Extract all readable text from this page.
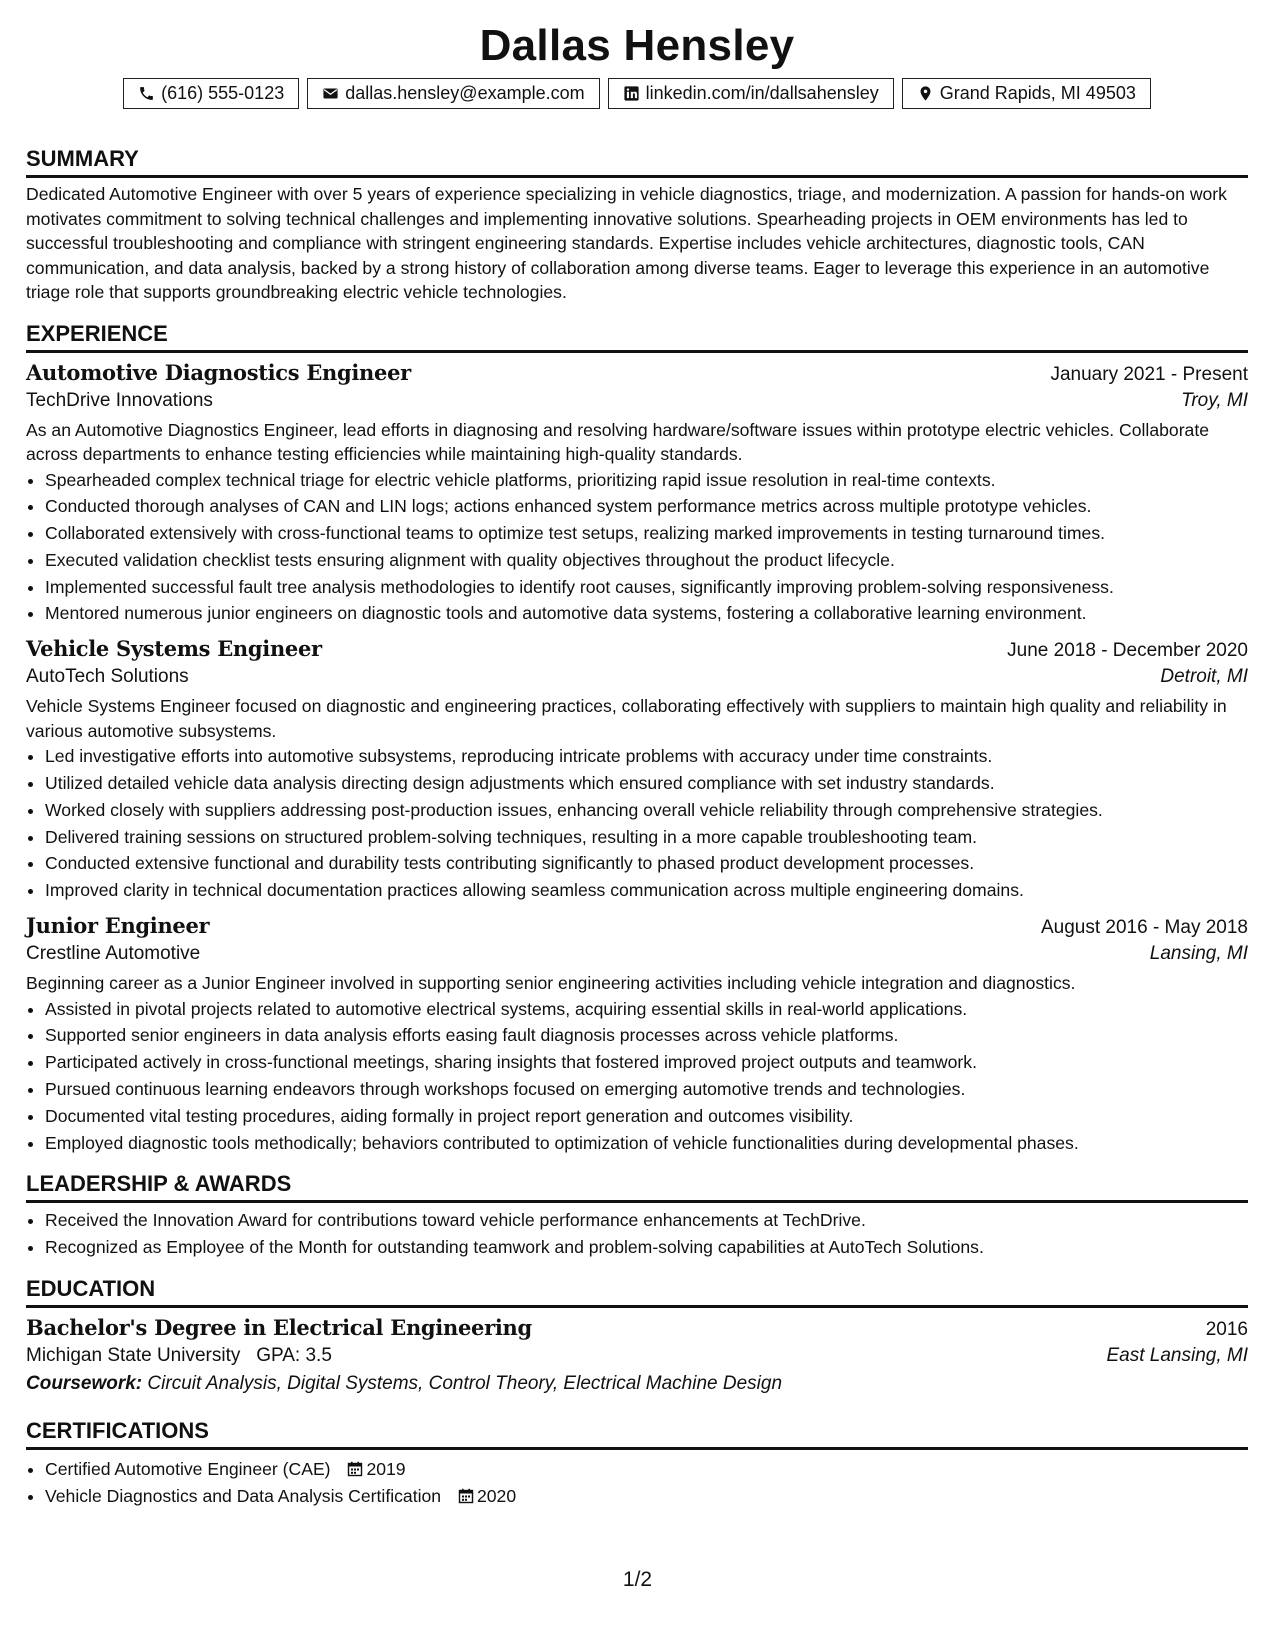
Dallas Hensley
(616) 555-0123	dallas.hensley@example.com	linkedin.com/in/dallsahensley	Grand Rapids, MI 49503
SUMMARY

Dedicated Automotive Engineer with over 5 years of experience specializing in vehicle diagnostics, triage, and modernization. A passion for hands-on work motivates commitment to solving technical challenges and implementing innovative solutions. Spearheading projects in OEM environments has led to successful troubleshooting and compliance with stringent engineering standards. Expertise includes vehicle architectures, diagnostic tools, CAN communication, and data analysis, backed by a strong history of collaboration among diverse teams. Eager to leverage this experience in an automotive triage role that supports groundbreaking electric vehicle technologies.

EXPERIENCE
Automotive Diagnostics Engineer	January 2021 - Present
TechDrive Innovations	Troy, MI

As an Automotive Diagnostics Engineer, lead efforts in diagnosing and resolving hardware/software issues within prototype electric vehicles. Collaborate across departments to enhance testing efficiencies while maintaining high-quality standards.

• Spearheaded complex technical triage for electric vehicle platforms, prioritizing rapid issue resolution in real-time contexts.
• Conducted thorough analyses of CAN and LIN logs; actions enhanced system performance metrics across multiple prototype vehicles.
• Collaborated extensively with cross-functional teams to optimize test setups, realizing marked improvements in testing turnaround times.
• Executed validation checklist tests ensuring alignment with quality objectives throughout the product lifecycle.
• Implemented successful fault tree analysis methodologies to identify root causes, significantly improving problem-solving responsiveness.
• Mentored numerous junior engineers on diagnostic tools and automotive data systems, fostering a collaborative learning environment.
Vehicle Systems Engineer	June 2018 - December 2020
AutoTech Solutions	Detroit, MI

Vehicle Systems Engineer focused on diagnostic and engineering practices, collaborating effectively with suppliers to maintain high quality and reliability in various automotive subsystems.

• Led investigative efforts into automotive subsystems, reproducing intricate problems with accuracy under time constraints.
• Utilized detailed vehicle data analysis directing design adjustments which ensured compliance with set industry standards.
• Worked closely with suppliers addressing post-production issues, enhancing overall vehicle reliability through comprehensive strategies.
• Delivered training sessions on structured problem-solving techniques, resulting in a more capable troubleshooting team.
• Conducted extensive functional and durability tests contributing significantly to phased product development processes.
• Improved clarity in technical documentation practices allowing seamless communication across multiple engineering domains.
Junior Engineer	August 2016 - May 2018
Crestline Automotive	Lansing, MI

Beginning career as a Junior Engineer involved in supporting senior engineering activities including vehicle integration and diagnostics.

• Assisted in pivotal projects related to automotive electrical systems, acquiring essential skills in real-world applications.
• Supported senior engineers in data analysis efforts easing fault diagnosis processes across vehicle platforms.
• Participated actively in cross-functional meetings, sharing insights that fostered improved project outputs and teamwork.
• Pursued continuous learning endeavors through workshops focused on emerging automotive trends and technologies.
• Documented vital testing procedures, aiding formally in project report generation and outcomes visibility.
• Employed diagnostic tools methodically; behaviors contributed to optimization of vehicle functionalities during developmental phases.
LEADERSHIP & AWARDS
• Received the Innovation Award for contributions toward vehicle performance enhancements at TechDrive.
• Recognized as Employee of the Month for outstanding teamwork and problem-solving capabilities at AutoTech Solutions.
EDUCATION
Bachelor's Degree in Electrical Engineering	2016
Michigan State University GPA: 3.5	East Lansing, MI
Coursework: Circuit Analysis, Digital Systems, Control Theory, Electrical Machine Design
CERTIFICATIONS
• Certified Automotive Engineer (CAE) 2019
• Vehicle Diagnostics and Data Analysis Certification 2020
1/2
